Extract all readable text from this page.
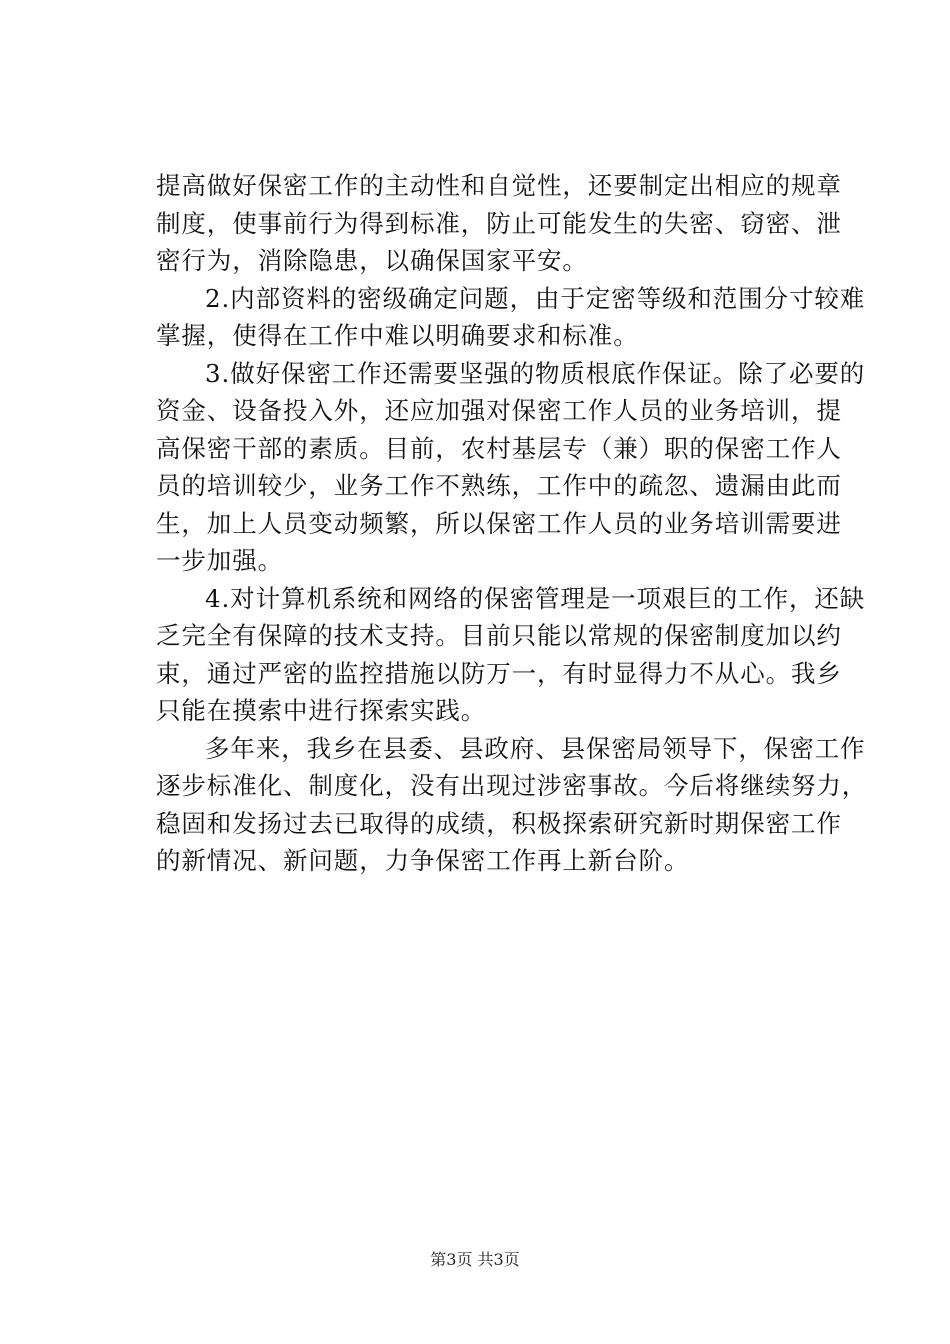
提高做好保密工作的主动性和自觉性，还要制定出相应的规章
制度，使事前行为得到标准，防止可能发生的失密、窃密、泄
密行为，消除隐患，以确保国家平安。
2.内部资料的密级确定问题，由于定密等级和范围分寸较难
掌握，使得在工作中难以明确要求和标准。
3.做好保密工作还需要坚强的物质根底作保证。除了必要的
资金、设备投入外，还应加强对保密工作人员的业务培训，提
高保密干部的素质。目前，农村基层专（兼）职的保密工作人
员的培训较少，业务工作不熟练，工作中的疏忽、遗漏由此而
生，加上人员变动频繁，所以保密工作人员的业务培训需要进
一步加强。
4.对计算机系统和网络的保密管理是一项艰巨的工作，还缺
乏完全有保障的技术支持。目前只能以常规的保密制度加以约
束，通过严密的监控措施以防万一，有时显得力不从心。我乡
只能在摸索中进行探索实践。
多年来，我乡在县委、县政府、县保密局领导下，保密工作
逐步标准化、制度化，没有出现过涉密事故。今后将继续努力，
稳固和发扬过去已取得的成绩，积极探索研究新时期保密工作
的新情况、新问题，力争保密工作再上新台阶。
第3页 共3页
